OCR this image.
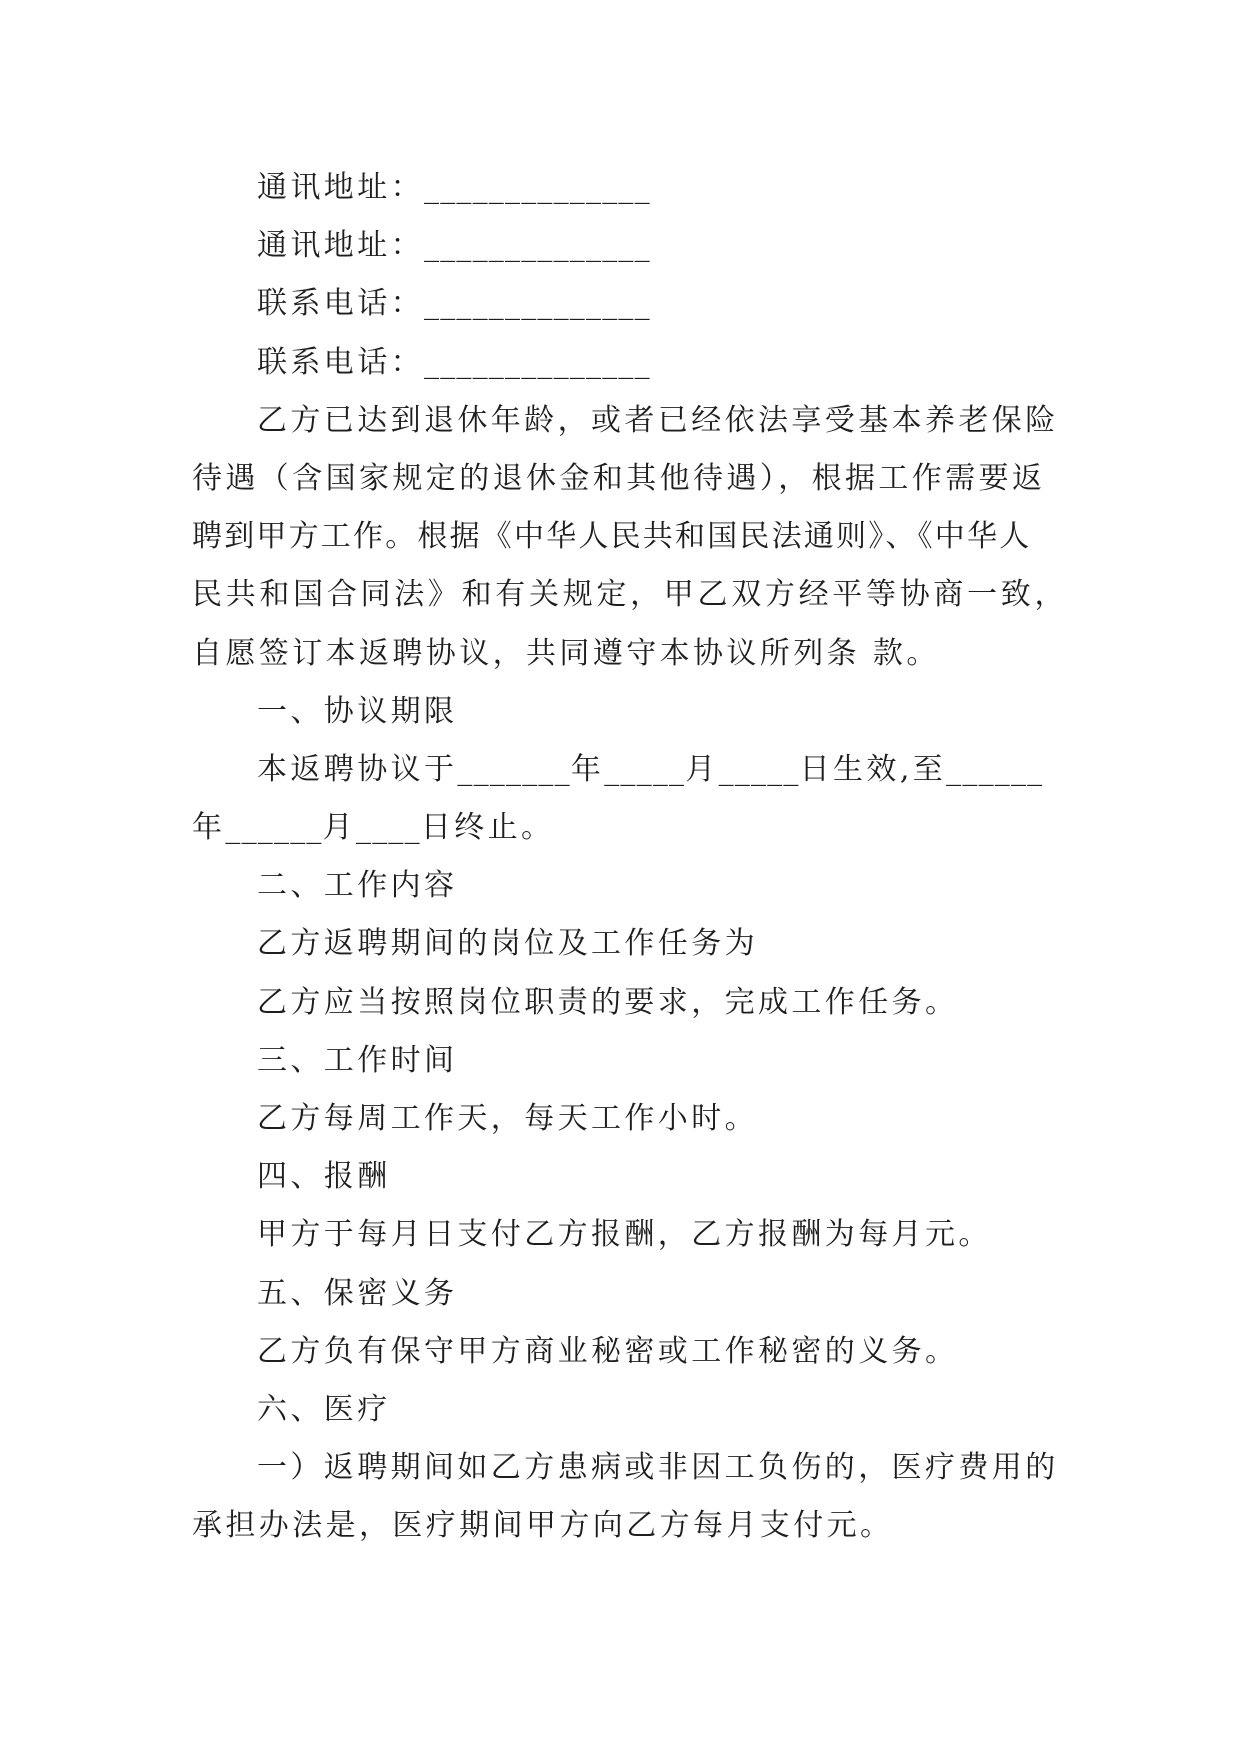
通讯地址：______________
通讯地址：______________
联系电话：______________
联系电话：______________
乙方已达到退休年龄，或者已经依法享受基本养老保险
待遇（含国家规定的退休金和其他待遇），根据工作需要返
聘到甲方工作。根据《中华人民共和国民法通则》、《中华人
民共和国合同法》和有关规定，甲乙双方经平等协商一致，
自愿签订本返聘协议，共同遵守本协议所列条 款。
一、协议期限
本返聘协议于_______年_____月_____日生效,至______
年______月____日终止。
二、工作内容
乙方返聘期间的岗位及工作任务为
乙方应当按照岗位职责的要求，完成工作任务。
三、工作时间
乙方每周工作天，每天工作小时。
四、报酬
甲方于每月日支付乙方报酬，乙方报酬为每月元。
五、保密义务
乙方负有保守甲方商业秘密或工作秘密的义务。
六、医疗
一）返聘期间如乙方患病或非因工负伤的，医疗费用的
承担办法是，医疗期间甲方向乙方每月支付元。
